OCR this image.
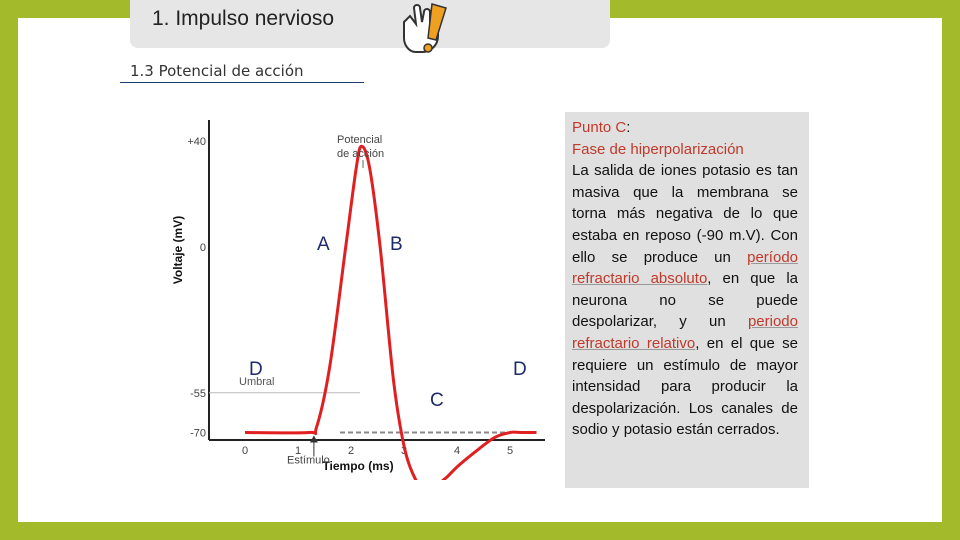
1. Impulso nervioso
1.3 Potencial de acción
Umbral
+40
0
-55
-70
0	1	2	3	4	5
Tiempo (ms)
Voltaje (mV)
Estímulo
Potencial
de acción
A	B
C
D	D
Punto C:
Fase de hiperpolarización
La salida de iones potasio es tan masiva que la membrana se torna más negativa de lo que estaba en reposo (-90 m.V). Con ello se produce un período refractario absoluto, en que la neurona no se puede despolarizar, y un periodo refractario relativo, en el que se requiere un estímulo de mayor intensidad para producir la despolarización. Los canales de sodio y potasio están cerrados.
